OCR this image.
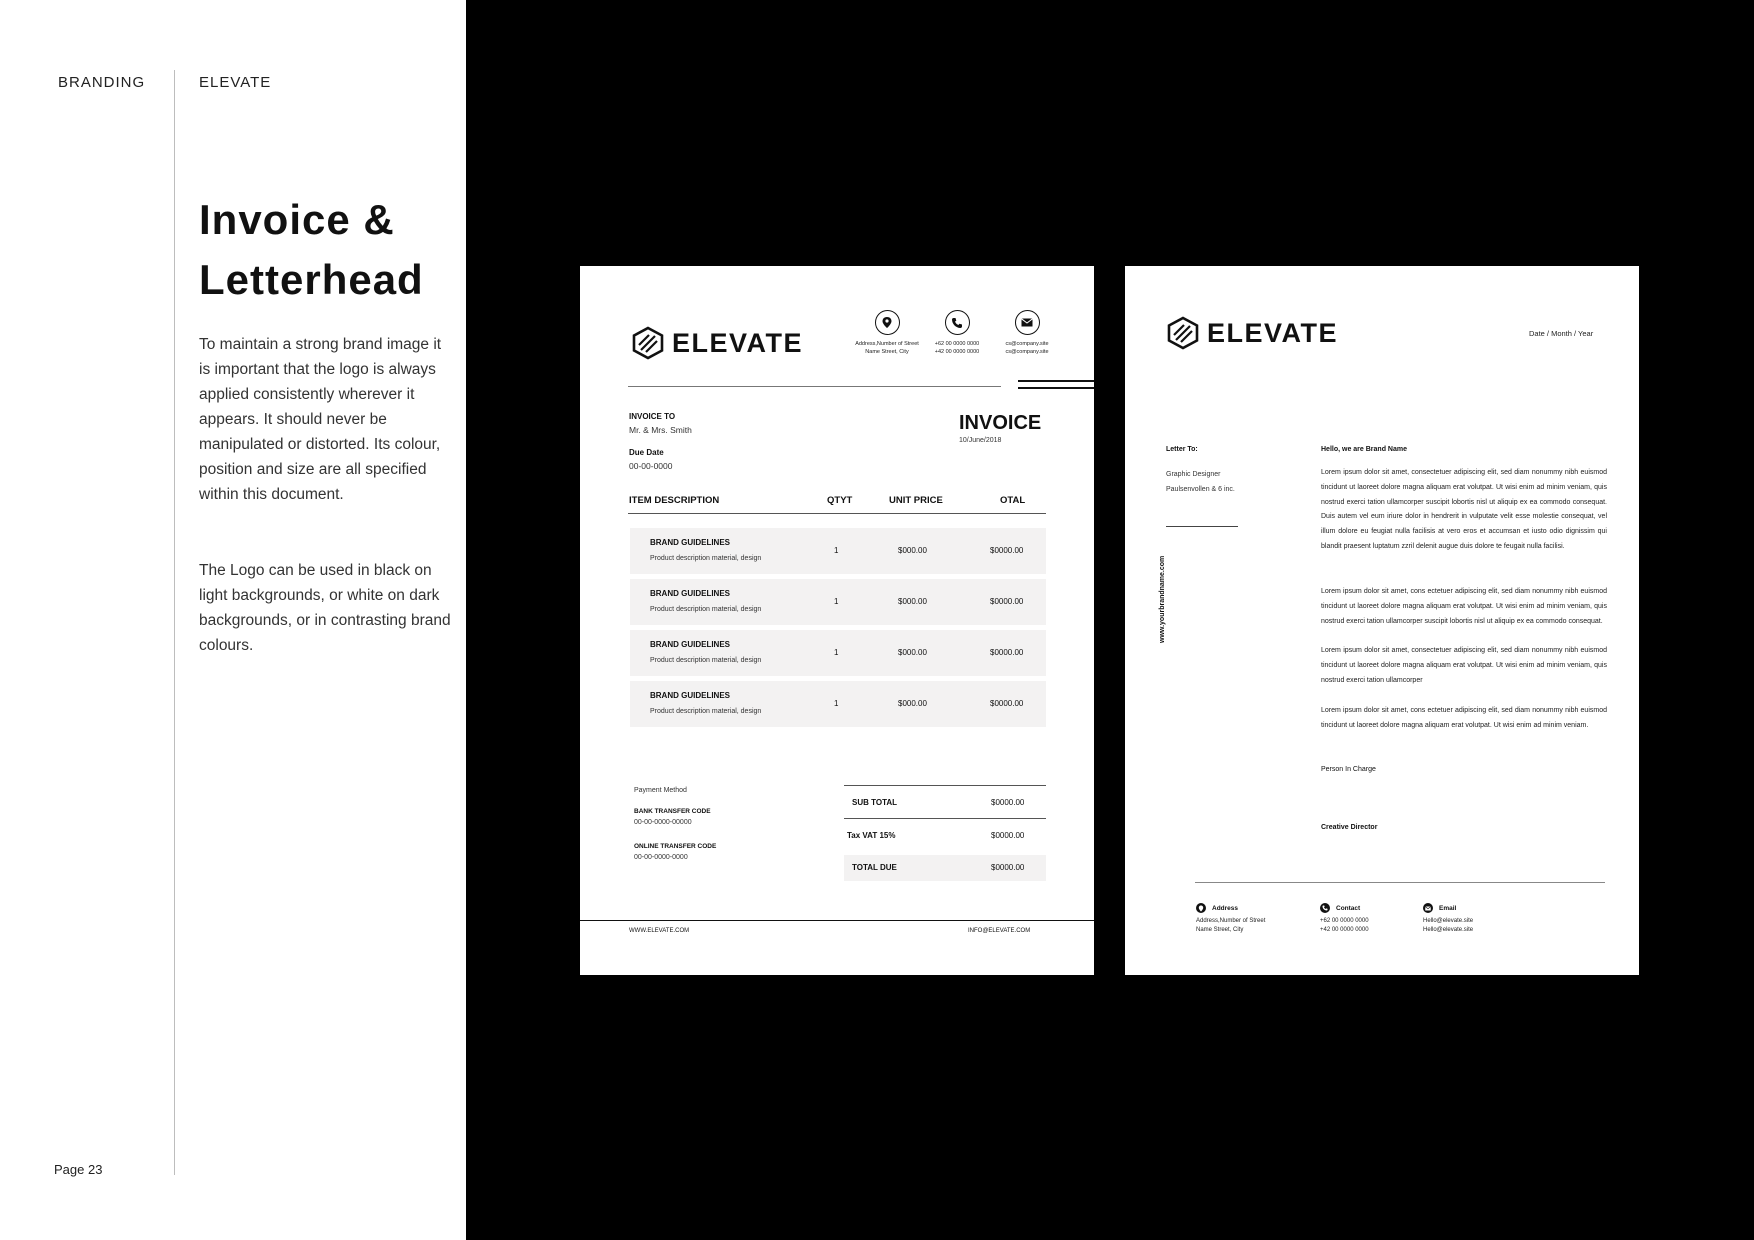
BRANDING	ELEVATE
Invoice & Letterhead
To maintain a strong brand image it is important that the logo is always applied consistently wherever it appears. It should never be manipulated or distorted. Its colour, position and size are all specified within this document.
The Logo can be used in black on light backgrounds, or white on dark backgrounds, or in contrasting brand colours.
Page 23
ELEVATE	Address,Number of Street
Name Street, City
+62 00 0000 0000
+42 00 0000 0000
cs@company.site
cs@company.site
INVOICE TO
Mr. & Mrs. Smith
Due Date
00-00-0000
INVOICE
10/June/2018
ITEM DESCRIPTION	QTYT	UNIT PRICE	OTAL
BRAND GUIDELINES
Product description material, design
1	$000.00	$0000.00
BRAND GUIDELINES
Product description material, design
1	$000.00	$0000.00
BRAND GUIDELINES
Product description material, design
1	$000.00	$0000.00
BRAND GUIDELINES
Product description material, design
1	$000.00	$0000.00
Payment Method
BANK TRANSFER CODE
00-00-0000-00000
ONLINE TRANSFER CODE
00-00-0000-0000
SUB TOTAL	$0000.00
Tax VAT 15%	$0000.00
TOTAL DUE	$0000.00
WWW.ELEVATE.COM	INFO@ELEVATE.COM
ELEVATE	Date / Month / Year
Letter To:
Graphic Designer
Paulsenvollen & 6 inc.
www.yourbrandname.com
Hello, we are Brand Name
Lorem ipsum dolor sit amet, consectetuer adipiscing elit, sed diam nonummy nibh euismod tincidunt ut laoreet dolore magna aliquam erat volutpat. Ut wisi enim ad minim veniam, quis nostrud exerci tation ullamcorper suscipit lobortis nisl ut aliquip ex ea commodo consequat. Duis autem vel eum iriure dolor in hendrerit in vulputate velit esse molestie consequat, vel illum dolore eu feugiat nulla facilisis at vero eros et accumsan et iusto odio dignissim qui blandit praesent luptatum zzril delenit augue duis dolore te feugait nulla facilisi.
Lorem ipsum dolor sit amet, cons ectetuer adipiscing elit, sed diam nonummy nibh euismod tincidunt ut laoreet dolore magna aliquam erat volutpat. Ut wisi enim ad minim veniam, quis nostrud exerci tation ullamcorper suscipit lobortis nisl ut aliquip ex ea commodo consequat.
Lorem ipsum dolor sit amet, consectetuer adipiscing elit, sed diam nonummy nibh euismod tincidunt ut laoreet dolore magna aliquam erat volutpat. Ut wisi enim ad minim veniam, quis nostrud exerci tation ullamcorper
Lorem ipsum dolor sit amet, cons ectetuer adipiscing elit, sed diam nonummy nibh euismod tincidunt ut laoreet dolore magna aliquam erat volutpat. Ut wisi enim ad minim veniam.
Person In Charge
Creative Director
Address
Address,Number of Street
Name Street, City
Contact
+62 00 0000 0000
+42 00 0000 0000
Email
Hello@elevate.site
Hello@elevate.site
